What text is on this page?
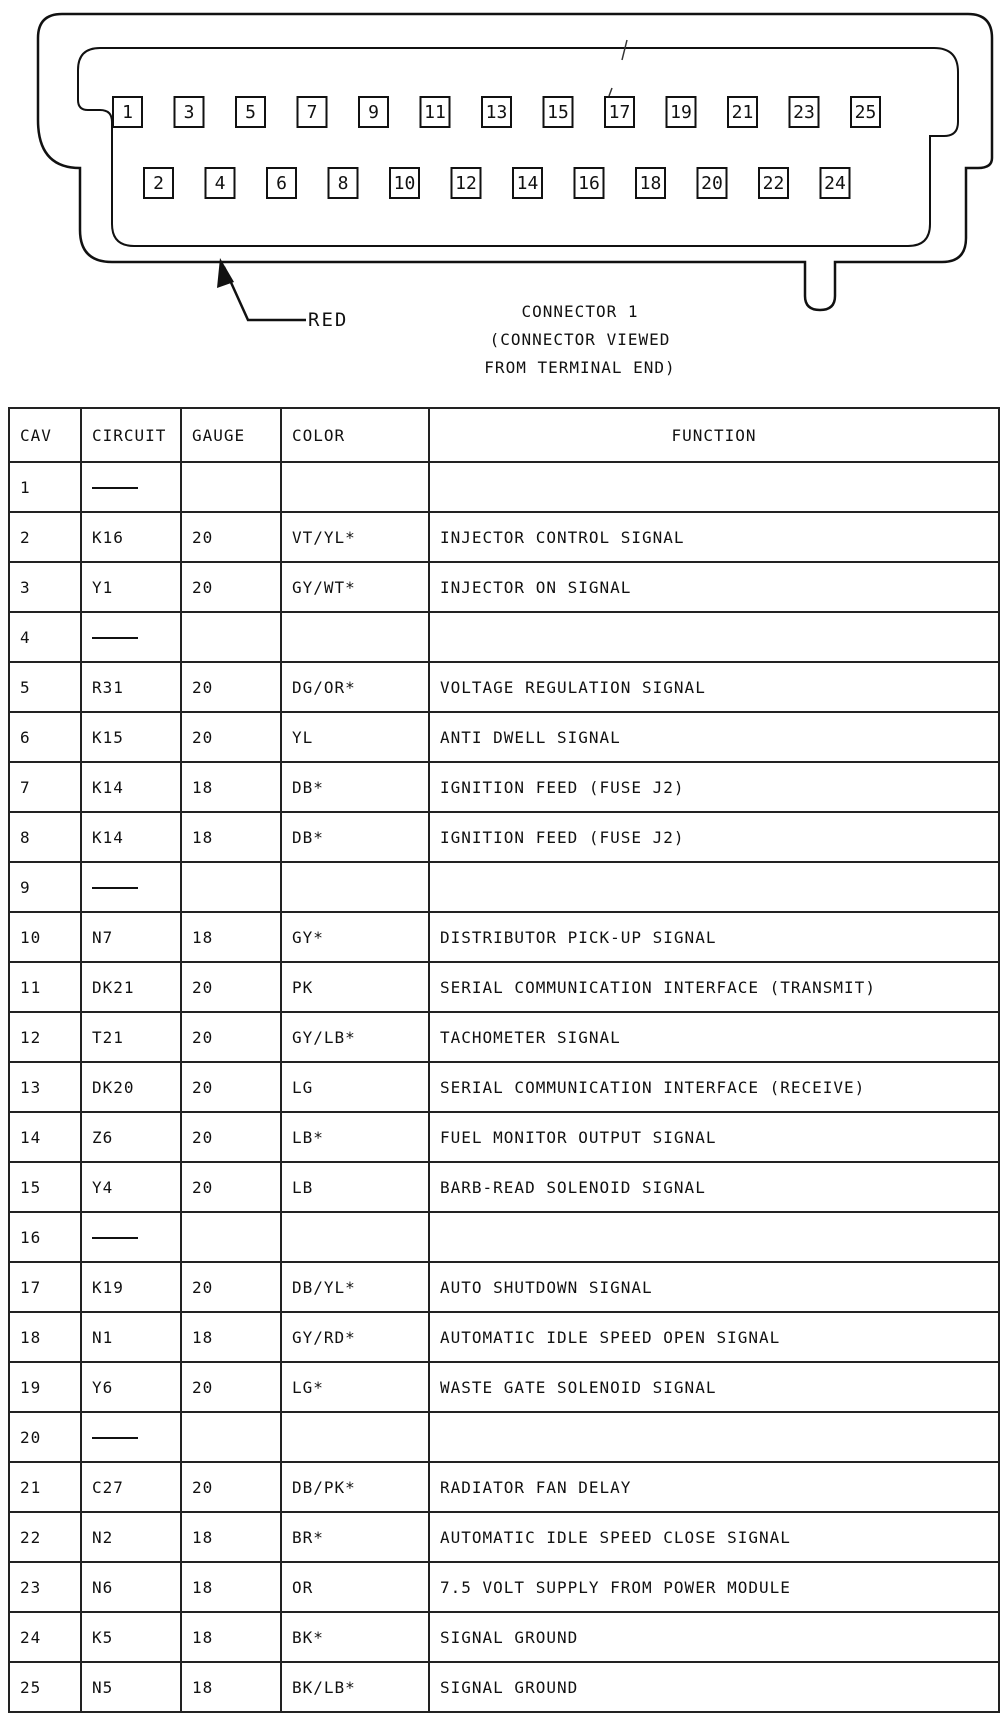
1	3	5	7	9	11 13 15 17 19 21 23 25
2	4	6	8	10 12 14 16 18 20 22 24
RED	CONNECTOR 1
(CONNECTOR VIEWED
FROM TERMINAL END)
CAV	CIRCUIT	GAUGE	COLOR	FUNCTION
1				
2	K16	20	VT/YL*	INJECTOR CONTROL SIGNAL
3	Y1	20	GY/WT*	INJECTOR ON SIGNAL
4				
5	R31	20	DG/OR*	VOLTAGE REGULATION SIGNAL
6	K15	20	YL	ANTI DWELL SIGNAL
7	K14	18	DB*	IGNITION FEED (FUSE J2)
8	K14	18	DB*	IGNITION FEED (FUSE J2)
9				
10	N7	18	GY*	DISTRIBUTOR PICK-UP SIGNAL
11	DK21	20	PK	SERIAL COMMUNICATION INTERFACE (TRANSMIT)
12	T21	20	GY/LB*	TACHOMETER SIGNAL
13	DK20	20	LG	SERIAL COMMUNICATION INTERFACE (RECEIVE)
14	Z6	20	LB*	FUEL MONITOR OUTPUT SIGNAL
15	Y4	20	LB	BARB-READ SOLENOID SIGNAL
16				
17	K19	20	DB/YL*	AUTO SHUTDOWN SIGNAL
18	N1	18	GY/RD*	AUTOMATIC IDLE SPEED OPEN SIGNAL
19	Y6	20	LG*	WASTE GATE SOLENOID SIGNAL
20				
21	C27	20	DB/PK*	RADIATOR FAN DELAY
22	N2	18	BR*	AUTOMATIC IDLE SPEED CLOSE SIGNAL
23	N6	18	OR	7.5 VOLT SUPPLY FROM POWER MODULE
24	K5	18	BK*	SIGNAL GROUND
25	N5	18	BK/LB*	SIGNAL GROUND
